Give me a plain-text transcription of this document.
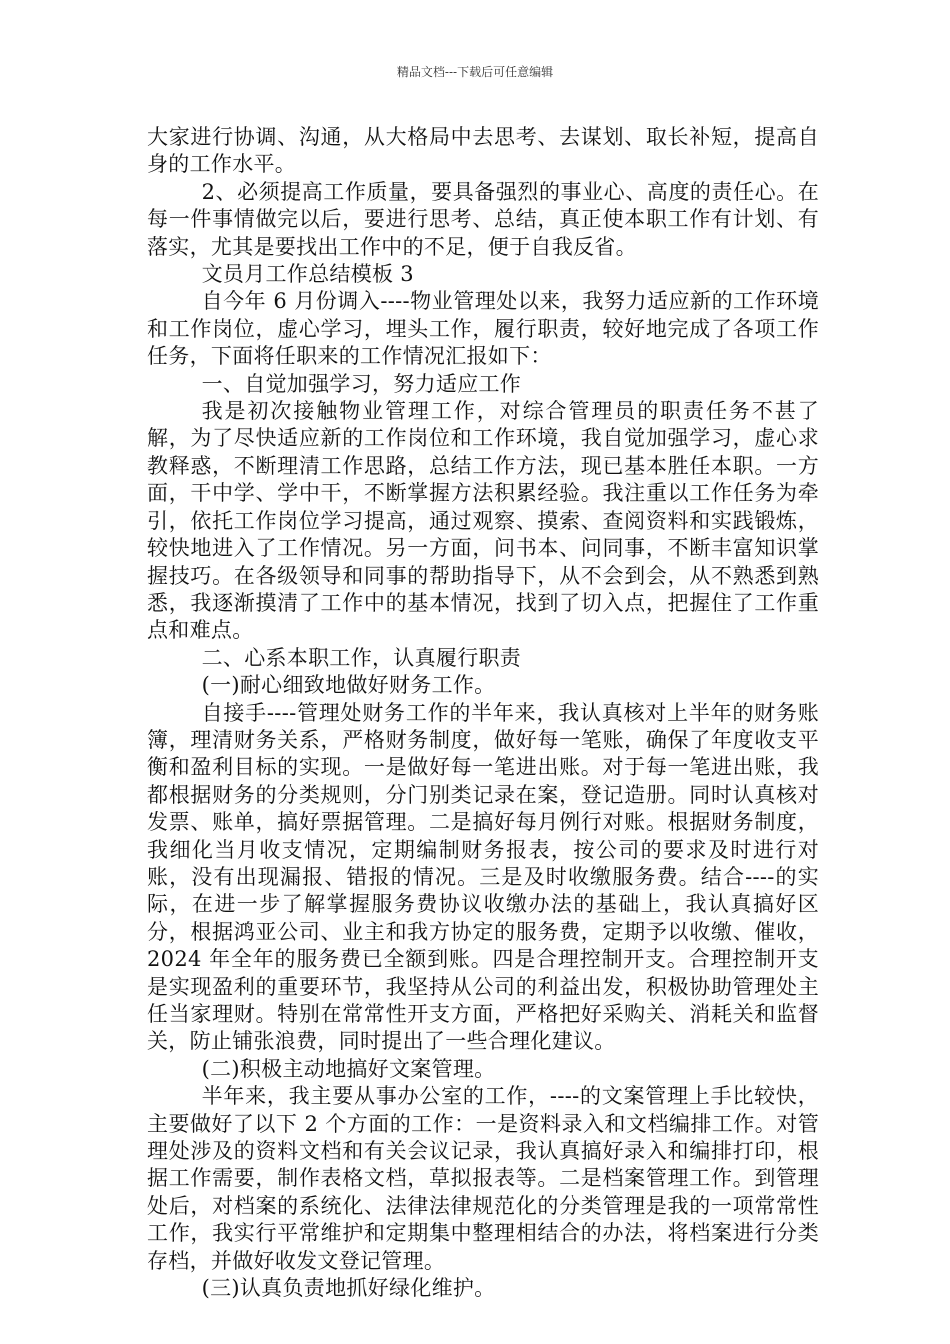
精品文档---下载后可任意编辑

大家进行协调、沟通，从大格局中去思考、去谋划、取长补短，提高自身的工作水平。

2、必须提高工作质量，要具备强烈的事业心、高度的责任心。在每一件事情做完以后，要进行思考、总结，真正使本职工作有计划、有落实，尤其是要找出工作中的不足，便于自我反省。

文员月工作总结模板 3

自今年 6 月份调入----物业管理处以来，我努力适应新的工作环境和工作岗位，虚心学习，埋头工作，履行职责，较好地完成了各项工作任务，下面将任职来的工作情况汇报如下：

一、自觉加强学习，努力适应工作

我是初次接触物业管理工作，对综合管理员的职责任务不甚了解，为了尽快适应新的工作岗位和工作环境，我自觉加强学习，虚心求教释惑，不断理清工作思路，总结工作方法，现已基本胜任本职。一方面，干中学、学中干，不断掌握方法积累经验。我注重以工作任务为牵引，依托工作岗位学习提高，通过观察、摸索、查阅资料和实践锻炼，较快地进入了工作情况。另一方面，问书本、问同事，不断丰富知识掌握技巧。在各级领导和同事的帮助指导下，从不会到会，从不熟悉到熟悉，我逐渐摸清了工作中的基本情况，找到了切入点，把握住了工作重点和难点。

二、心系本职工作，认真履行职责

(一)耐心细致地做好财务工作。

自接手----管理处财务工作的半年来，我认真核对上半年的财务账簿，理清财务关系，严格财务制度，做好每一笔账，确保了年度收支平衡和盈利目标的实现。一是做好每一笔进出账。对于每一笔进出账，我都根据财务的分类规则，分门别类记录在案，登记造册。同时认真核对发票、账单，搞好票据管理。二是搞好每月例行对账。根据财务制度，我细化当月收支情况，定期编制财务报表，按公司的要求及时进行对账，没有出现漏报、错报的情况。三是及时收缴服务费。结合----的实际，在进一步了解掌握服务费协议收缴办法的基础上，我认真搞好区分，根据鸿亚公司、业主和我方协定的服务费，定期予以收缴、催收，2024 年全年的服务费已全额到账。四是合理控制开支。合理控制开支是实现盈利的重要环节，我坚持从公司的利益出发，积极协助管理处主任当家理财。特别在常常性开支方面，严格把好采购关、消耗关和监督关，防止铺张浪费，同时提出了一些合理化建议。

(二)积极主动地搞好文案管理。

半年来，我主要从事办公室的工作，----的文案管理上手比较快，主要做好了以下 2 个方面的工作：一是资料录入和文档编排工作。对管理处涉及的资料文档和有关会议记录，我认真搞好录入和编排打印，根据工作需要，制作表格文档，草拟报表等。二是档案管理工作。到管理处后，对档案的系统化、法律法律规范化的分类管理是我的一项常常性工作，我实行平常维护和定期集中整理相结合的办法，将档案进行分类存档，并做好收发文登记管理。

(三)认真负责地抓好绿化维护。
